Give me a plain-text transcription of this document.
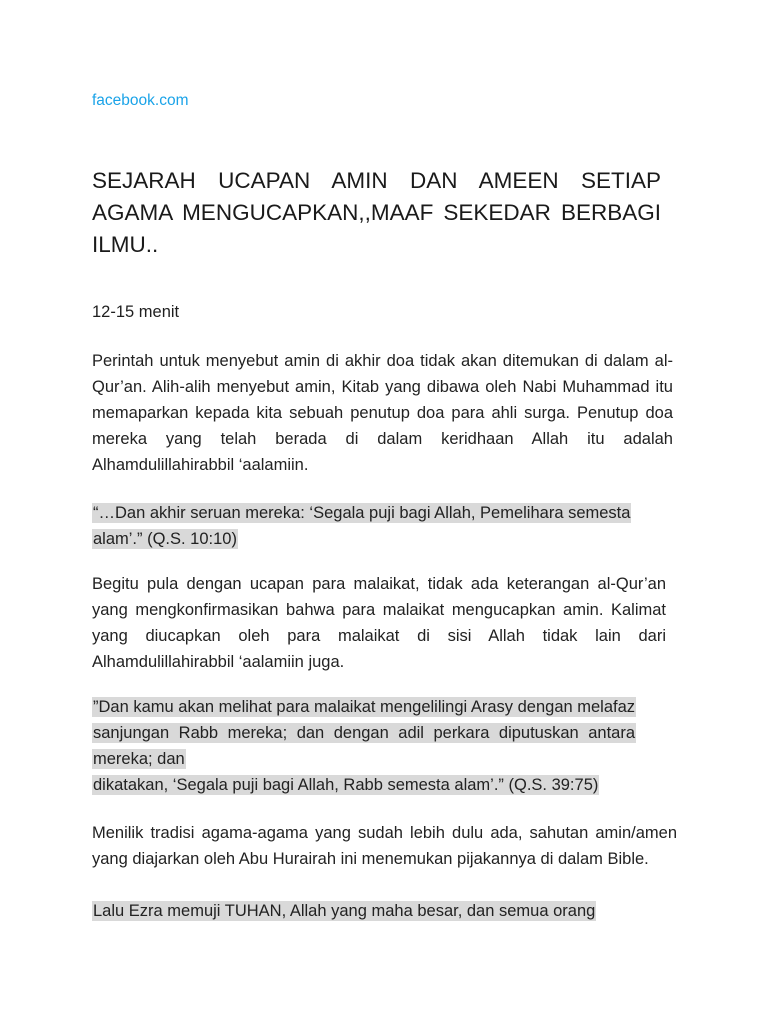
facebook.com
SEJARAH UCAPAN AMIN DAN AMEEN SETIAP AGAMA MENGUCAPKAN,,MAAF SEKEDAR BERBAGI ILMU..
12-15 menit

Perintah untuk menyebut amin di akhir doa tidak akan ditemukan di dalam al-Qur’an. Alih-alih menyebut amin, Kitab yang dibawa oleh Nabi Muhammad itu memaparkan kepada kita sebuah penutup doa para ahli surga. Penutup doa mereka yang telah berada di dalam keridhaan Allah itu adalah Alhamdulillahirabbil ‘aalamiin.

“…Dan akhir seruan mereka: ‘Segala puji bagi Allah, Pemelihara semesta alam’.” (Q.S. 10:10)

Begitu pula dengan ucapan para malaikat, tidak ada keterangan al-Qur’an yang mengkonfirmasikan bahwa para malaikat mengucapkan amin. Kalimat yang diucapkan oleh para malaikat di sisi Allah tidak lain dari Alhamdulillahirabbil ‘aalamiin juga.

”Dan kamu akan melihat para malaikat mengelilingi Arasy dengan melafaz sanjungan Rabb mereka; dan dengan adil perkara diputuskan antara mereka; dan

dikatakan, ‘Segala puji bagi Allah, Rabb semesta alam’.” (Q.S. 39:75)

Menilik tradisi agama-agama yang sudah lebih dulu ada, sahutan amin/amen yang diajarkan oleh Abu Hurairah ini menemukan pijakannya di dalam Bible.

Lalu Ezra memuji TUHAN, Allah yang maha besar, dan semua orang
